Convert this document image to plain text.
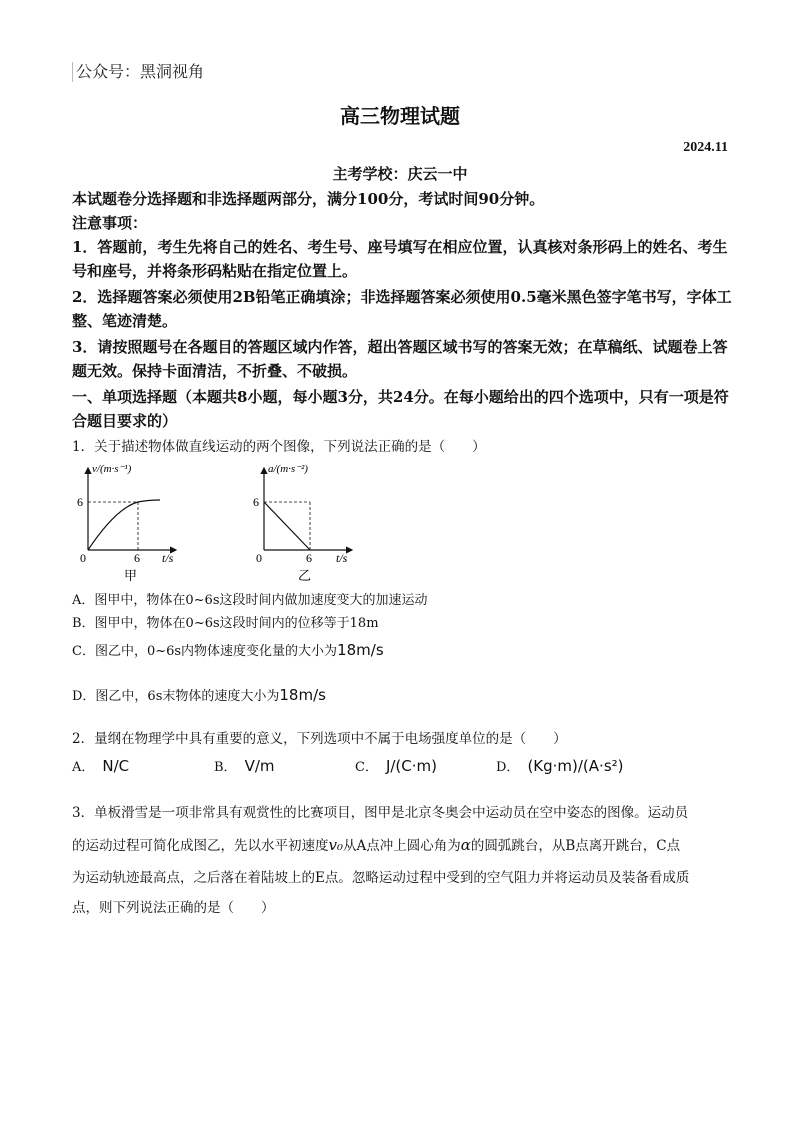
公众号：黑洞视角
高三物理试题
2024.11
主考学校：庆云一中
本试题卷分选择题和非选择题两部分，满分100分，考试时间90分钟。
注意事项：
1．答题前，考生先将自己的姓名、考生号、座号填写在相应位置，认真核对条形码上的姓名、考生号和座号，并将条形码粘贴在指定位置上。
2．选择题答案必须使用2B铅笔正确填涂；非选择题答案必须使用0.5毫米黑色签字笔书写，字体工整、笔迹清楚。
3．请按照题号在各题目的答题区域内作答，超出答题区域书写的答案无效；在草稿纸、试题卷上答题无效。保持卡面清洁，不折叠、不破损。
一、单项选择题（本题共8小题，每小题3分，共24分。在每小题给出的四个选项中，只有一项是符合题目要求的）
1．关于描述物体做直线运动的两个图像，下列说法正确的是（　　）
v/(m·s⁻¹)
6
0	6 t/s
甲
a/(m·s⁻²)
6
0	6 t/s
乙
A．图甲中，物体在0~6s这段时间内做加速度变大的加速运动
B．图甲中，物体在0~6s这段时间内的位移等于18m
C．图乙中，0~6s内物体速度变化量的大小为18m/s
D．图乙中，6s末物体的速度大小为18m/s
2．量纲在物理学中具有重要的意义，下列选项中不属于电场强度单位的是（　　）
A． N/C	B． V/m	C． J/(C·m)	D． (Kg·m)/(A·s²)
3．单板滑雪是一项非常具有观赏性的比赛项目，图甲是北京冬奥会中运动员在空中姿态的图像。运动员
的运动过程可简化成图乙，先以水平初速度v₀从A点冲上圆心角为α的圆弧跳台，从B点离开跳台，C点
为运动轨迹最高点，之后落在着陆坡上的E点。忽略运动过程中受到的空气阻力并将运动员及装备看成质
点，则下列说法正确的是（　　）
